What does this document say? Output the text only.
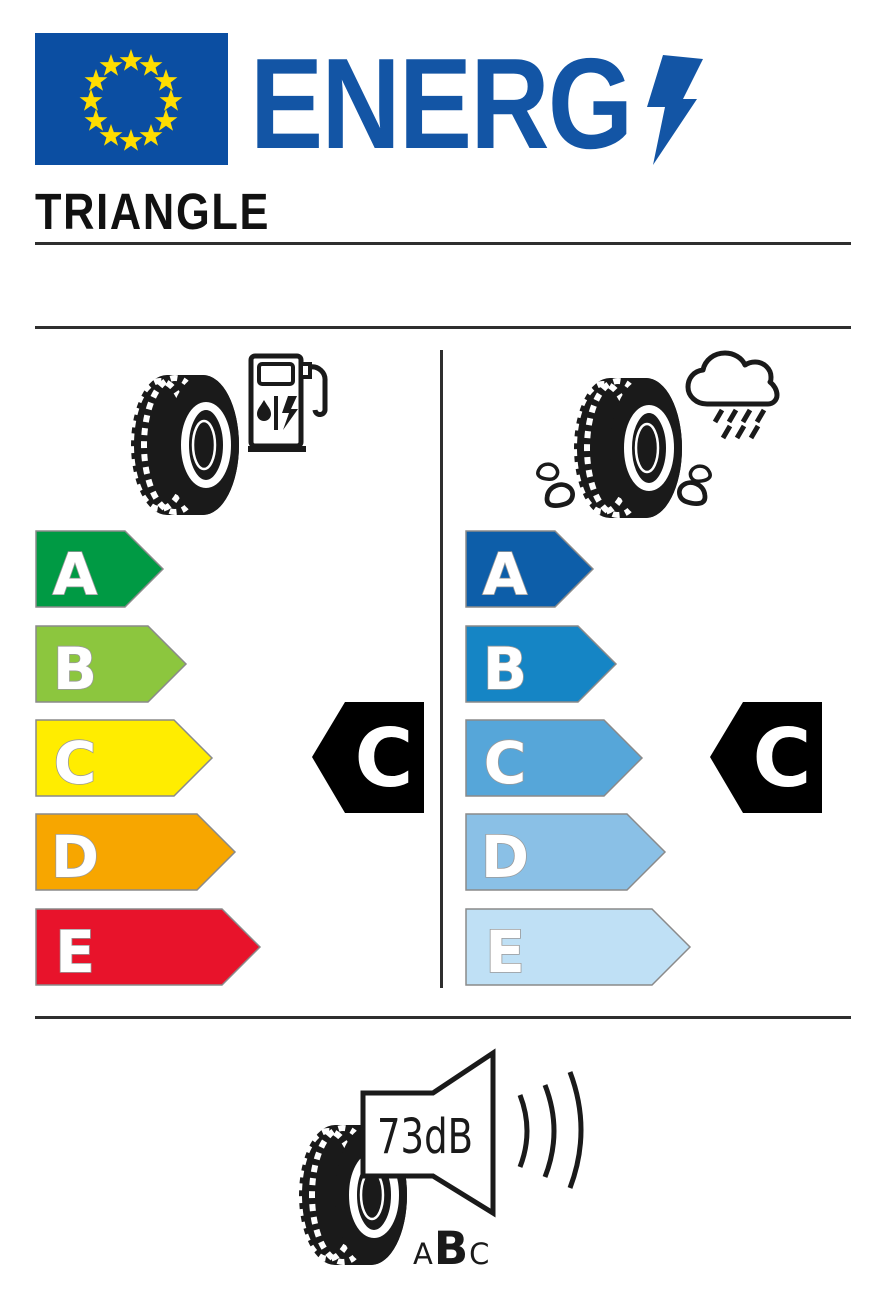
ENERG
TRIANGLE
A
B
C
D
E
C
A
B
C
D
E
C
73dB
A B C
